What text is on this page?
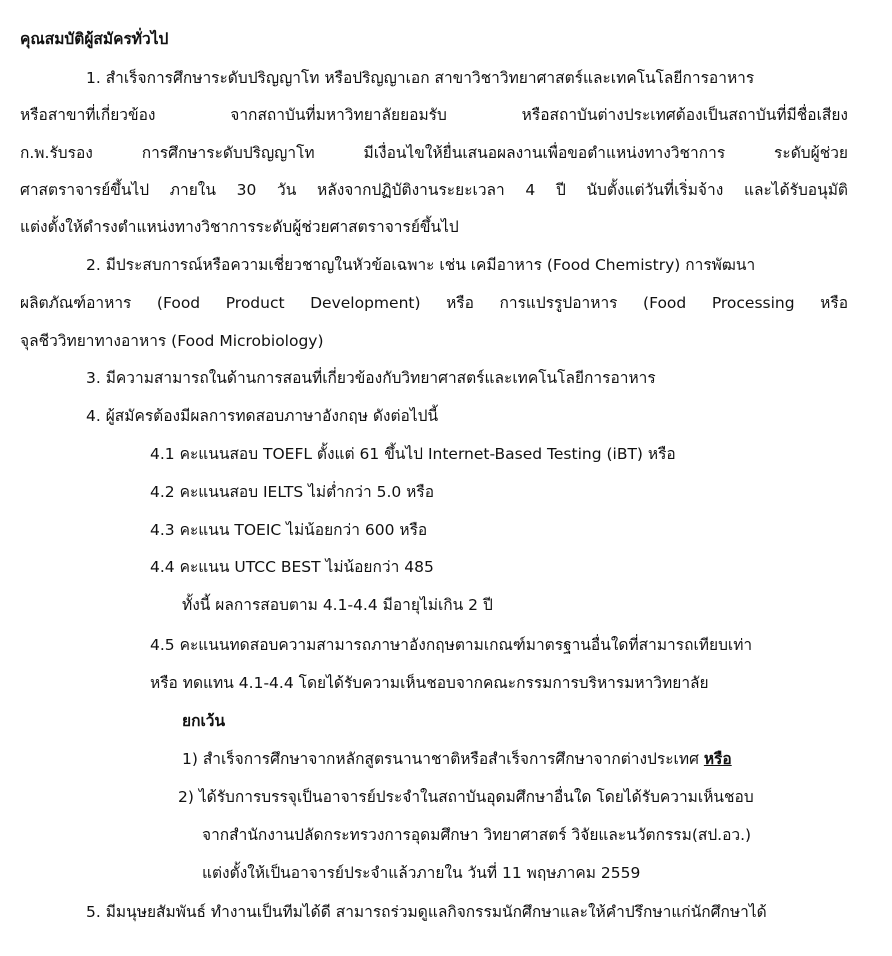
คุณสมบัติผู้สมัครทั่วไป
1. สำเร็จการศึกษาระดับปริญญาโท หรือปริญญาเอก สาขาวิชาวิทยาศาสตร์และเทคโนโลยีการอาหาร
หรือสาขาที่เกี่ยวข้อง จากสถาบันที่มหาวิทยาลัยยอมรับ หรือสถาบันต่างประเทศต้องเป็นสถาบันที่มีชื่อเสียง
ก.พ.รับรอง การศึกษาระดับปริญญาโท มีเงื่อนไขให้ยื่นเสนอผลงานเพื่อขอตำแหน่งทางวิชาการ ระดับผู้ช่วย
ศาสตราจารย์ขึ้นไป ภายใน 30 วัน หลังจากปฏิบัติงานระยะเวลา 4 ปี นับตั้งแต่วันที่เริ่มจ้าง และได้รับอนุมัติ
แต่งตั้งให้ดำรงตำแหน่งทางวิชาการระดับผู้ช่วยศาสตราจารย์ขึ้นไป
2. มีประสบการณ์หรือความเชี่ยวชาญในหัวข้อเฉพาะ เช่น เคมีอาหาร (Food Chemistry) การพัฒนา
ผลิตภัณฑ์อาหาร (Food Product Development) หรือ การแปรรูปอาหาร (Food Processing หรือ
จุลชีววิทยาทางอาหาร (Food Microbiology)
3. มีความสามารถในด้านการสอนที่เกี่ยวข้องกับวิทยาศาสตร์และเทคโนโลยีการอาหาร
4. ผู้สมัครต้องมีผลการทดสอบภาษาอังกฤษ ดังต่อไปนี้
4.1 คะแนนสอบ TOEFL ตั้งแต่ 61 ขึ้นไป Internet-Based Testing (iBT) หรือ
4.2 คะแนนสอบ IELTS ไม่ต่ำกว่า 5.0 หรือ
4.3 คะแนน TOEIC ไม่น้อยกว่า 600 หรือ
4.4 คะแนน UTCC BEST ไม่น้อยกว่า 485
ทั้งนี้ ผลการสอบตาม 4.1-4.4 มีอายุไม่เกิน 2 ปี
4.5 คะแนนทดสอบความสามารถภาษาอังกฤษตามเกณฑ์มาตรฐานอื่นใดที่สามารถเทียบเท่า
หรือ ทดแทน 4.1-4.4 โดยได้รับความเห็นชอบจากคณะกรรมการบริหารมหาวิทยาลัย
ยกเว้น
1) สำเร็จการศึกษาจากหลักสูตรนานาชาติหรือสำเร็จการศึกษาจากต่างประเทศ หรือ
2) ได้รับการบรรจุเป็นอาจารย์ประจำในสถาบันอุดมศึกษาอื่นใด โดยได้รับความเห็นชอบ
จากสำนักงานปลัดกระทรวงการอุดมศึกษา วิทยาศาสตร์ วิจัยและนวัตกรรม(สป.อว.)
แต่งตั้งให้เป็นอาจารย์ประจำแล้วภายใน วันที่ 11 พฤษภาคม 2559
5. มีมนุษยสัมพันธ์ ทำงานเป็นทีมได้ดี สามารถร่วมดูแลกิจกรรมนักศึกษาและให้คำปรึกษาแก่นักศึกษาได้
